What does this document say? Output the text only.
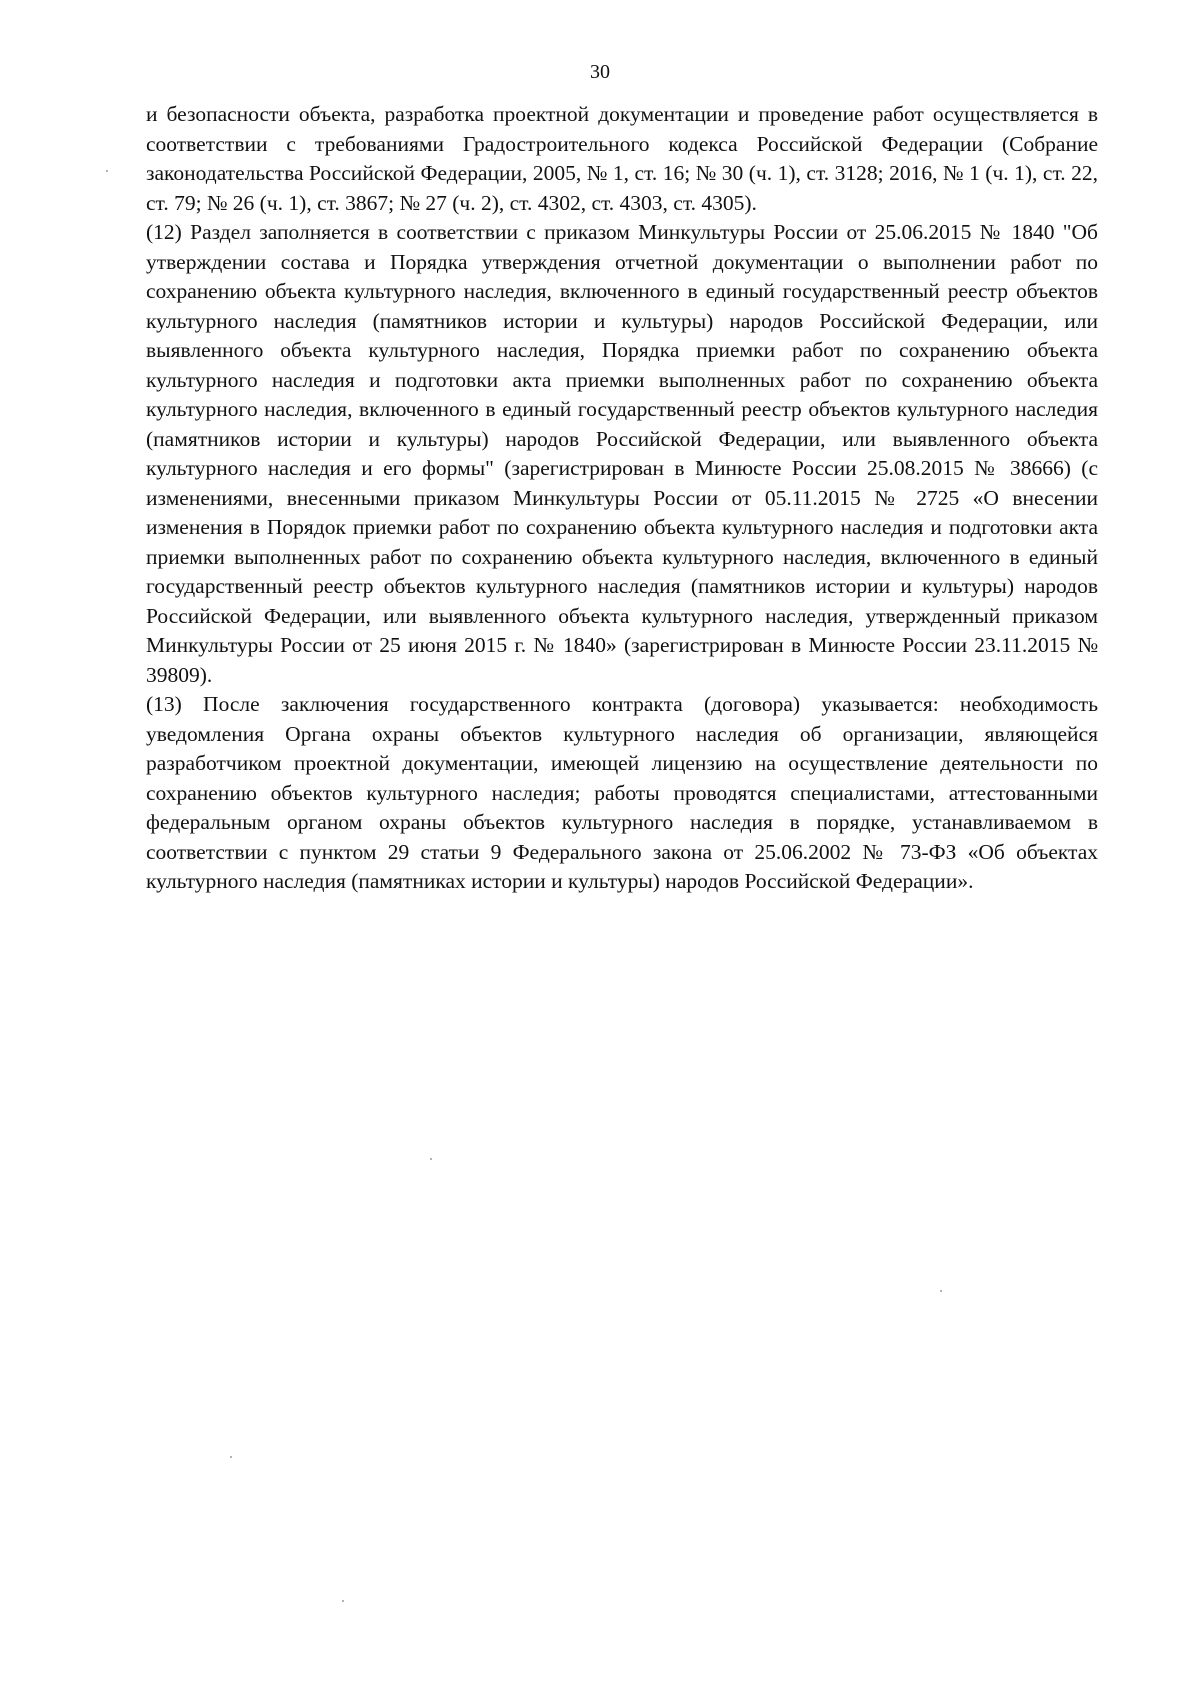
30

и безопасности объекта, разработка проектной документации и проведение работ осуществляется в соответствии с требованиями Градостроительного кодекса Российской Федерации (Собрание законодательства Российской Федерации, 2005, № 1, ст. 16; № 30 (ч. 1), ст. 3128; 2016, № 1 (ч. 1), ст. 22, ст. 79; № 26 (ч. 1), ст. 3867; № 27 (ч. 2), ст. 4302, ст. 4303, ст. 4305).

(12) Раздел заполняется в соответствии с приказом Минкультуры России от 25.06.2015 № 1840 "Об утверждении состава и Порядка утверждения отчетной документации о выполнении работ по сохранению объекта культурного наследия, включенного в единый государственный реестр объектов культурного наследия (памятников истории и культуры) народов Российской Федерации, или выявленного объекта культурного наследия, Порядка приемки работ по сохранению объекта культурного наследия и подготовки акта приемки выполненных работ по сохранению объекта культурного наследия, включенного в единый государственный реестр объектов культурного наследия (памятников истории и культуры) народов Российской Федерации, или выявленного объекта культурного наследия и его формы" (зарегистрирован в Минюсте России 25.08.2015 № 38666) (с изменениями, внесенными приказом Минкультуры России от 05.11.2015 № 2725 «О внесении изменения в Порядок приемки работ по сохранению объекта культурного наследия и подготовки акта приемки выполненных работ по сохранению объекта культурного наследия, включенного в единый государственный реестр объектов культурного наследия (памятников истории и культуры) народов Российской Федерации, или выявленного объекта культурного наследия, утвержденный приказом Минкультуры России от 25 июня 2015 г. № 1840» (зарегистрирован в Минюсте России 23.11.2015 № 39809).

(13) После заключения государственного контракта (договора) указывается: необходимость уведомления Органа охраны объектов культурного наследия об организации, являющейся разработчиком проектной документации, имеющей лицензию на осуществление деятельности по сохранению объектов культурного наследия; работы проводятся специалистами, аттестованными федеральным органом охраны объектов культурного наследия в порядке, устанавливаемом в соответствии с пунктом 29 статьи 9 Федерального закона от 25.06.2002 № 73-ФЗ «Об объектах культурного наследия (памятниках истории и культуры) народов Российской Федерации».
